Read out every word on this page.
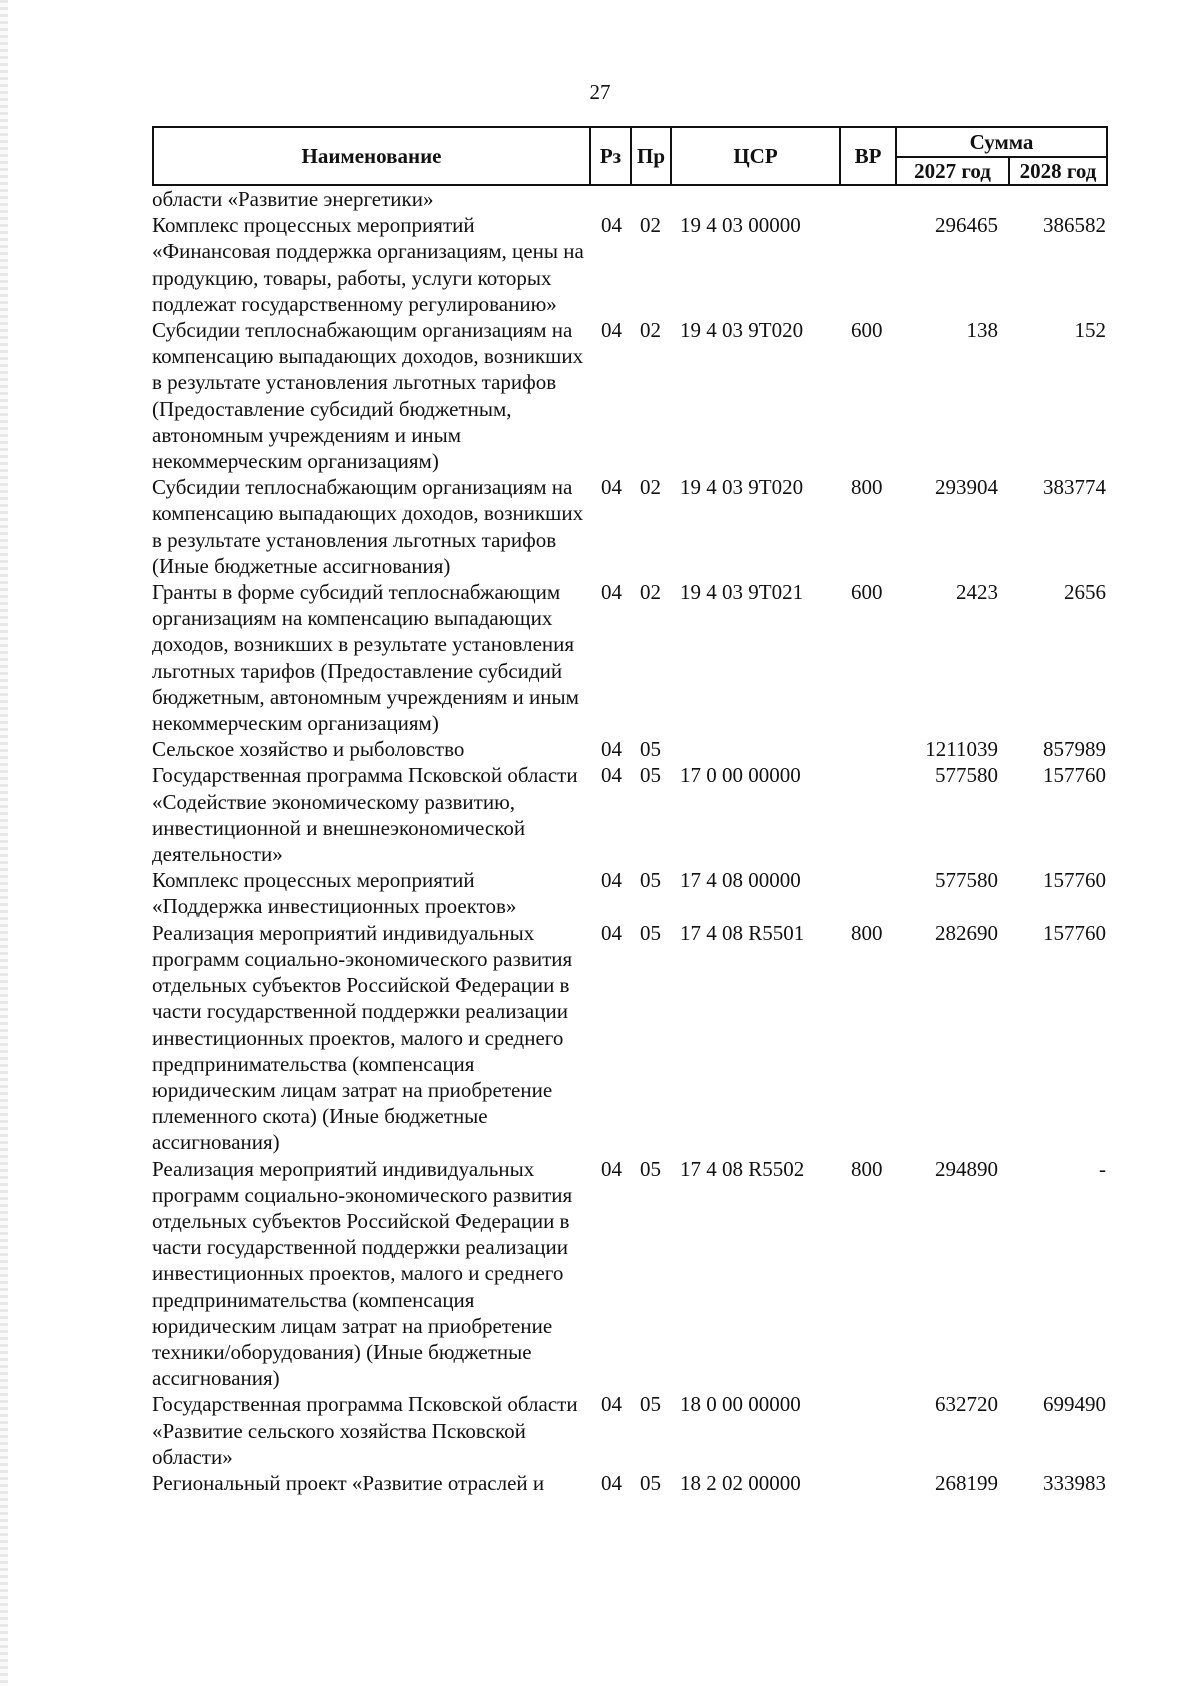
27
Наименование	Рз	Пр	ЦСР	ВР	Сумма	
					2027 год	2028 год
области «Развитие энергетики»						
Комплекс процессных мероприятий «Финансовая поддержка организациям, цены на продукцию, товары, работы, услуги которых подлежат государственному регулированию»	04	02	19 4 03 00000		296465	386582
Субсидии теплоснабжающим организациям на компенсацию выпадающих доходов, возникших в результате установления льготных тарифов (Предоставление субсидий бюджетным, автономным учреждениям и иным некоммерческим организациям)	04	02	19 4 03 9Т020	600	138	152
Субсидии теплоснабжающим организациям на компенсацию выпадающих доходов, возникших в результате установления льготных тарифов (Иные бюджетные ассигнования)	04	02	19 4 03 9Т020	800	293904	383774
Гранты в форме субсидий теплоснабжающим организациям на компенсацию выпадающих доходов, возникших в результате установления льготных тарифов (Предоставление субсидий бюджетным, автономным учреждениям и иным некоммерческим организациям)	04	02	19 4 03 9Т021	600	2423	2656
Сельское хозяйство и рыболовство	04	05			1211039	857989
Государственная программа Псковской области «Содействие экономическому развитию, инвестиционной и внешнеэкономической деятельности»	04	05	17 0 00 00000		577580	157760
Комплекс процессных мероприятий «Поддержка инвестиционных проектов»	04	05	17 4 08 00000		577580	157760
Реализация мероприятий индивидуальных программ социально-экономического развития отдельных субъектов Российской Федерации в части государственной поддержки реализации инвестиционных проектов, малого и среднего предпринимательства (компенсация юридическим лицам затрат на приобретение племенного скота) (Иные бюджетные ассигнования)	04	05	17 4 08 R5501	800	282690	157760
Реализация мероприятий индивидуальных программ социально-экономического развития отдельных субъектов Российской Федерации в части государственной поддержки реализации инвестиционных проектов, малого и среднего предпринимательства (компенсация юридическим лицам затрат на приобретение техники/оборудования) (Иные бюджетные ассигнования)	04	05	17 4 08 R5502	800	294890	-
Государственная программа Псковской области «Развитие сельского хозяйства Псковской области»	04	05	18 0 00 00000		632720	699490
Региональный проект «Развитие отраслей и	04	05	18 2 02 00000		268199	333983
